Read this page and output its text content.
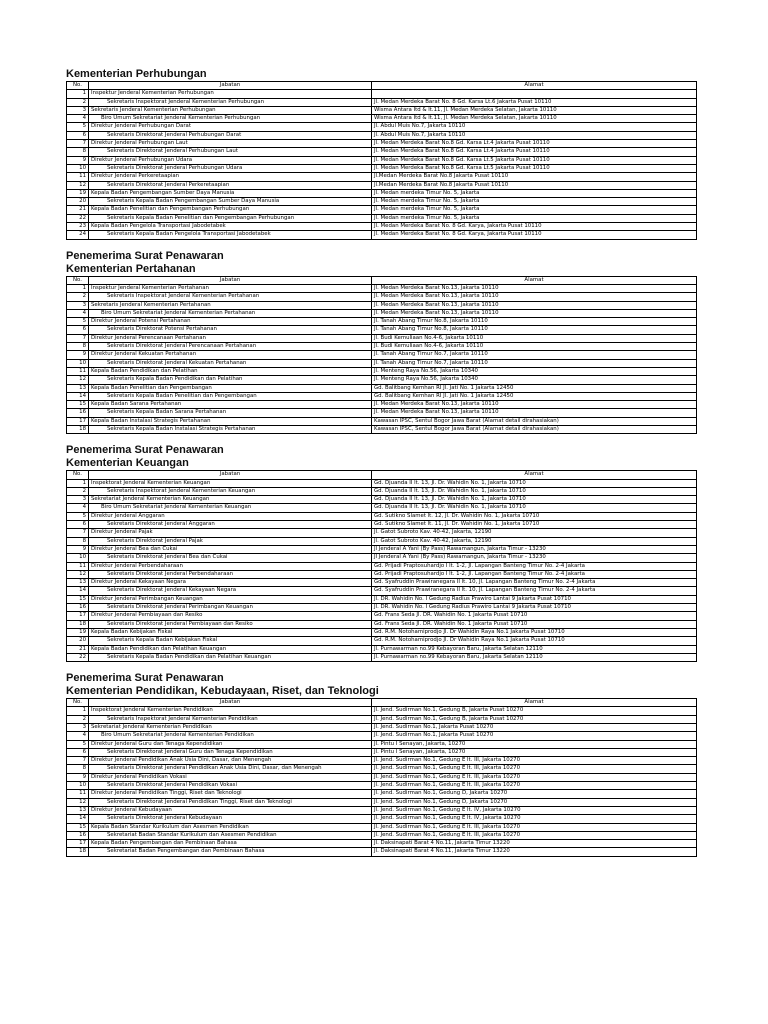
Kementerian Perhubungan
No.	Jabatan	Alamat
1	Inspektur Jenderal Kementerian Perhubungan	
2	Sekretaris Inspektorat Jenderal Kementerian Perhubungan	Jl. Medan Merdeka Barat No. 8 Gd. Karsa Lt.6 Jakarta Pusat 10110
3	Sekretaris Jenderal Kementerian Perhubungan	Wisma Antara Itd & lt.11, Jl. Medan Merdeka Selatan, Jakarta 10110
4	Biro Umum Sekretariat Jenderal Kementerian Perhubungan	Wisma Antara Itd & lt.11, Jl. Medan Merdeka Selatan, Jakarta 10110
5	Direktur Jenderal Perhubungan Darat	Jl. Abdul Muis No.7, Jakarta 10110
6	Sekretaris Direktorat Jenderal Perhubungan Darat	Jl. Abdul Muis No.7, Jakarta 10110
7	Direktur Jenderal Perhubungan Laut	Jl. Medan Merdeka Barat No.8 Gd. Karsa Lt.4 Jakarta Pusat 10110
8	Sekretaris Direktorat Jenderal Perhubungan Laut	Jl. Medan Merdeka Barat No.8 Gd. Karsa Lt.4 Jakarta Pusat 10110
9	Direktur Jenderal Perhubungan Udara	Jl. Medan Merdeka Barat No.8 Gd. Karsa Lt.5 Jakarta Pusat 10110
10	Sekretaris Direktorat Jenderal Perhubungan Udara	Jl. Medan Merdeka Barat No.8 Gd. Karsa Lt.5 Jakarta Pusat 10110
11	Direktur Jenderal Perkeretaapian	Jl.Medan Merdeka Barat No.8 Jakarta Pusat 10110
12	Sekretaris Direktorat Jenderal Perkeretaapian	Jl.Medan Merdeka Barat No.8 Jakarta Pusat 10110
19	Kepala Badan Pengembangan Sumber Daya Manusia	Jl. Medan merdeka Timur No. 5, Jakarta
20	Sekretaris Kepala Badan Pengembangan Sumber Daya Manusia	Jl. Medan merdeka Timur No. 5, Jakarta
21	Kepala Badan Penelitian dan Pengembangan Perhubungan	Jl. Medan merdeka Timur No. 5, Jakarta
22	Sekretaris Kepala Badan Penelitian dan Pengembangan Perhubungan	Jl. Medan merdeka Timur No. 5, Jakarta
23	Kepala Badan Pengelola Transportasi Jabodetabek	Jl. Medan Merdeka Barat No. 8 Gd. Karya, Jakarta Pusat 10110
24	Sekretaris Kepala Badan Pengelola Transportasi Jabodetabek	Jl. Medan Merdeka Barat No. 8 Gd. Karya, Jakarta Pusat 10110
Penemerima Surat Penawaran
Kementerian Pertahanan
No.	Jabatan	Alamat
1	Inspektur Jenderal Kementerian Pertahanan	Jl. Medan Merdeka Barat No.13, Jakarta 10110
2	Sekretaris Inspektorat Jenderal Kementerian Pertahanan	Jl. Medan Merdeka Barat No.13, Jakarta 10110
3	Sekretaris Jenderal Kementerian Pertahanan	Jl. Medan Merdeka Barat No.13, Jakarta 10110
4	Biro Umum Sekretariat Jenderal Kementerian Pertahanan	Jl. Medan Merdeka Barat No.13, Jakarta 10110
5	Direktur Jenderal Potensi Pertahanan	Jl. Tanah Abang Timur No.8, Jakarta 10110
6	Sekretaris Direktorat Potensi Pertahanan	Jl. Tanah Abang Timur No.8, Jakarta 10110
7	Direktur Jenderal Perencanaan Pertahanan	Jl. Budi Kemuliaan No.4-6, Jakarta 10110
8	Sekretaris Direktorat Jenderal Perencanaan Pertahanan	Jl. Budi Kemuliaan No.4-6, Jakarta 10110
9	Direktur Jenderal Kekuatan Pertahanan	Jl. Tanah Abang Timur No.7, Jakarta 10110
10	Sekretaris Direktorat Jenderal Kekuatan Pertahanan	Jl. Tanah Abang Timur No.7, Jakarta 10110
11	Kepala Badan Pendidikan dan Pelatihan	Jl. Menteng Raya No.56, Jakarta 10340
12	Sekretaris Kepala Badan Pendidikan dan Pelatihan	Jl. Menteng Raya No.56, Jakarta 10340
13	Kepala Badan Penelitian dan Pengembangan	Gd. Balitbang Kemhan RI Jl. Jati No. 1 Jakarta 12450
14	Sekretaris Kepala Badan Penelitian dan Pengembangan	Gd. Balitbang Kemhan RI Jl. Jati No. 1 Jakarta 12450
15	Kepala Badan Sarana Pertahanan	Jl. Medan Merdeka Barat No.13, Jakarta 10110
16	Sekretaris Kepala Badan Sarana Pertahanan	Jl. Medan Merdeka Barat No.13, Jakarta 10110
17	Kepala Badan Instalasi Strategis Pertahanan	Kawasan IPSC, Sentul Bogor Jawa Barat (Alamat detail dirahasiakan)
18	Sekretaris Kepala Badan Instalasi Strategis Pertahanan	Kawasan IPSC, Sentul Bogor Jawa Barat (Alamat detail dirahasiakan)
Penemerima Surat Penawaran
Kementerian Keuangan
No.	Jabatan	Alamat
1	Inspektorat Jenderal Kementerian Keuangan	Gd. Djuanda II lt. 13, Jl. Dr. Wahidin No. 1, Jakarta 10710
2	Sekretaris Inspektorat Jenderal Kementerian Keuangan	Gd. Djuanda II lt. 13, Jl. Dr. Wahidin No. 1, Jakarta 10710
3	Sekretariat Jenderal Kementerian Keuangan	Gd. Djuanda II lt. 13, Jl. Dr. Wahidin No. 1, Jakarta 10710
4	Biro Umum Sekretariat Jenderal Kementerian Keuangan	Gd. Djuanda II lt. 13, Jl. Dr. Wahidin No. 1, Jakarta 10710
5	Direktur Jenderal Anggaran	Gd. Sutikno Slamet lt. 12, Jl. Dr. Wahidin No. 1, Jakarta 10710
6	Sekretaris Direktorat Jenderal Anggaran	Gd. Sutikno Slamet lt. 11, Jl. Dr. Wahidin No. 1, Jakarta 10710
7	Direktur Jenderal Pajak	Jl. Gatot Subroto Kav. 40-42, Jakarta, 12190
8	Sekretaris Direktorat Jenderal Pajak	Jl. Gatot Subroto Kav. 40-42, Jakarta, 12190
9	Direktur Jenderal Bea dan Cukai	Jl Jenderal A Yani (By Pass) Rawamangun, Jakarta Timur - 13230
10	Sekretaris Direktorat Jenderal Bea dan Cukai	Jl Jenderal A Yani (By Pass) Rawamangun, Jakarta Timur - 13230
11	Direktur Jenderal Perbendaharaan	Gd. Prijadi Praptosuhardjo I lt. 1-2, Jl. Lapangan Banteng Timur No. 2-4 Jakarta
12	Sekretaris Direktorat Jenderal Perbendaharaan	Gd. Prijadi Praptosuhardjo I lt. 1-2, Jl. Lapangan Banteng Timur No. 2-4 Jakarta
13	Direktur Jenderal Kekayaan Negara	Gd. Syafruddin Prawiranegara II lt. 10, Jl. Lapangan Banteng Timur No. 2-4 Jakarta
14	Sekretaris Direktorat Jenderal Kekayaan Negara	Gd. Syafruddin Prawiranegara II lt. 10, Jl. Lapangan Banteng Timur No. 2-4 Jakarta
15	Direktur Jenderal Perimbangan Keuangan	Jl. DR. Wahidin No. I Gedung Radius Prawiro Lantai 9 Jakarta Pusat 10710
16	Sekretaris Direktorat Jenderal Perimbangan Keuangan	Jl. DR. Wahidin No. I Gedung Radius Prawiro Lantai 9 Jakarta Pusat 10710
17	Direktur Jenderal Pembiayaan dan Resiko	Gd. Frans Seda Jl. DR. Wahidin No. 1 Jakarta Pusat 10710
18	Sekretaris Direktorat Jenderal Pembiayaan dan Resiko	Gd. Frans Seda Jl. DR. Wahidin No. 1 Jakarta Pusat 10710
19	Kepala Badan Kebijakan Fiskal	Gd. R.M. Notohamiprodjo Jl. Dr Wahidin Raya No.1 Jakarta Pusat 10710
20	Sekretaris Kepala Badan Kebijakan Fiskal	Gd. R.M. Notohamiprodjo Jl. Dr Wahidin Raya No.1 Jakarta Pusat 10710
21	Kepala Badan Pendidikan dan Pelatihan Keuangan	Jl. Purnawarman no.99 Kebayoran Baru, Jakarta Selatan 12110
22	Sekretaris Kepala Badan Pendidikan dan Pelatihan Keuangan	Jl. Purnawarman no.99 Kebayoran Baru, Jakarta Selatan 12110
Penemerima Surat Penawaran
Kementerian Pendidikan, Kebudayaan, Riset, dan Teknologi
No.	Jabatan	Alamat
1	Inspektorat Jenderal Kementerian Pendidikan	Jl. Jend. Sudirman No.1, Gedung B, Jakarta Pusat 10270
2	Sekretaris Inspektorat Jenderal Kementerian Pendidikan	Jl. Jend. Sudirman No.1, Gedung B, Jakarta Pusat 10270
3	Sekretariat Jenderal Kementerian Pendidikan	Jl. Jend. Sudirman No.1, Jakarta Pusat 10270
4	Biro Umum Sekretariat Jenderal Kementerian Pendidikan	Jl. Jend. Sudirman No.1, Jakarta Pusat 10270
5	Direktur Jenderal Guru dan Tenaga Kependidikan	Jl. Pintu I Senayan, Jakarta, 10270
6	Sekretaris Direktorat Jenderal Guru dan Tenaga Kependidikan	Jl. Pintu I Senayan, Jakarta, 10270
7	Direktur Jenderal Pendidikan Anak Usia Dini, Dasar, dan Menengah	Jl. Jend. Sudirman No.1, Gedung E lt. III, Jakarta 10270
8	Sekretaris Direktorat Jenderal Pendidikan Anak Usia Dini, Dasar, dan Menengah	Jl. Jend. Sudirman No.1, Gedung E lt. III, Jakarta 10270
9	Direktur Jenderal Pendidikan Vokasi	Jl. Jend. Sudirman No.1, Gedung E lt. III, Jakarta 10270
10	Sekretaris Direktorat Jenderal Pendidikan Vokasi	Jl. Jend. Sudirman No.1, Gedung E lt. III, Jakarta 10270
11	Direktur Jenderal Pendidikan Tinggi, Riset dan Teknologi	Jl. Jend. Sudirman No.1, Gedung D, Jakarta 10270
12	Sekretaris Direktorat Jenderal Pendidikan Tinggi, Riset dan Teknologi	Jl. Jend. Sudirman No.1, Gedung D, Jakarta 10270
13	Direktur Jenderal Kebudayaan	Jl. Jend. Sudirman No.1, Gedung E lt. IV, Jakarta 10270
14	Sekretaris Direktorat Jenderal Kebudayaan	Jl. Jend. Sudirman No.1, Gedung E lt. IV, Jakarta 10270
15	Kepala Badan Standar Kurikulum dan Asesmen Pendidikan	Jl. Jend. Sudirman No.1, Gedung E lt. III, Jakarta 10270
16	Sekretariat Badan Standar Kurikulum dan Asesmen Pendidikan	Jl. Jend. Sudirman No.1, Gedung E lt. III, Jakarta 10270
17	Kepala Badan Pengembangan dan Pembinaan Bahasa	Jl. Daksinapati Barat 4 No.11, Jakarta Timur 13220
18	Sekretariat Badan Pengembangan dan Pembinaan Bahasa	Jl. Daksinapati Barat 4 No.11, Jakarta Timur 13220
